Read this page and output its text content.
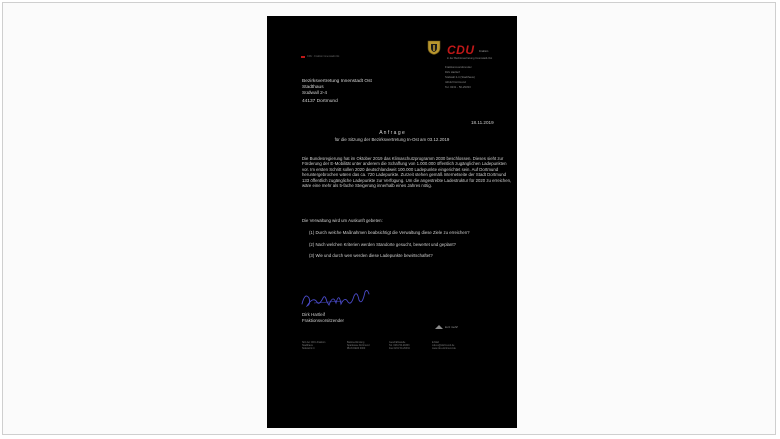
CDU Fraktion
in der Bezirksvertretung Innenstadt-Ost
CDU · Fraktion Innenstadt-Ost
Fraktionsvorsitzender
Dirk Hartleif
Südwall 2-4 (Stadthaus)
44122 Dortmund
Tel. 0231 - 50-29333
Bezirksvertretung Innenstadt Ost
Stadthaus
Südwall 2-4
44137 Dortmund
18.11.2019
A n f r a g e
für die Sitzung der Bezirksvertretung In-Ost am 03.12.2019
Die Bundesregierung hat im Oktober 2019 das Klimaschutzprogramm 2030 beschlossen. Dieses sieht zur Förderung der E-Mobilität unter anderem die Schaffung von 1.000.000 öffentlich zugänglichen Ladepunkten vor. Im ersten Schritt sollen 2020 deutschlandweit 100.000 Ladepunkte eingerichtet sein. Auf Dortmund heruntergebrochen wären das ca. 720 Ladepunkte. Zurzeit stehen gemäß Internetseite der Stadt Dortmund 133 öffentlich zugängliche Ladepunkte zur Verfügung. Um die angestrebte Ladestruktur für 2020 zu erreichen, wäre eine mehr als 5-fache Steigerung innerhalb eines Jahres nötig.
Die Verwaltung wird um Auskunft gebeten:
(1) Durch welche Maßnahmen beabsichtigt die Verwaltung diese Ziele zu erreichen?
(2) Nach welchen Kriterien werden Standorte gesucht, bewertet und geplant?
(3) Wie und durch wen werden diese Ladepunkte bewirtschaftet?
Dirk Hartleif
Fraktionsvorsitzender
kurz mehr!
Sitz der CDU-Fraktion
Stadthaus
Südwall 2-4
Bankverbindung
Sparkasse Dortmund
IBAN DE00 0000
Geschäftsstelle
Tel. 0231 50-29333
Fax 0231 50-29334
E-Mail
cdu-io@dortmund.de
www.cdu-dortmund.de
